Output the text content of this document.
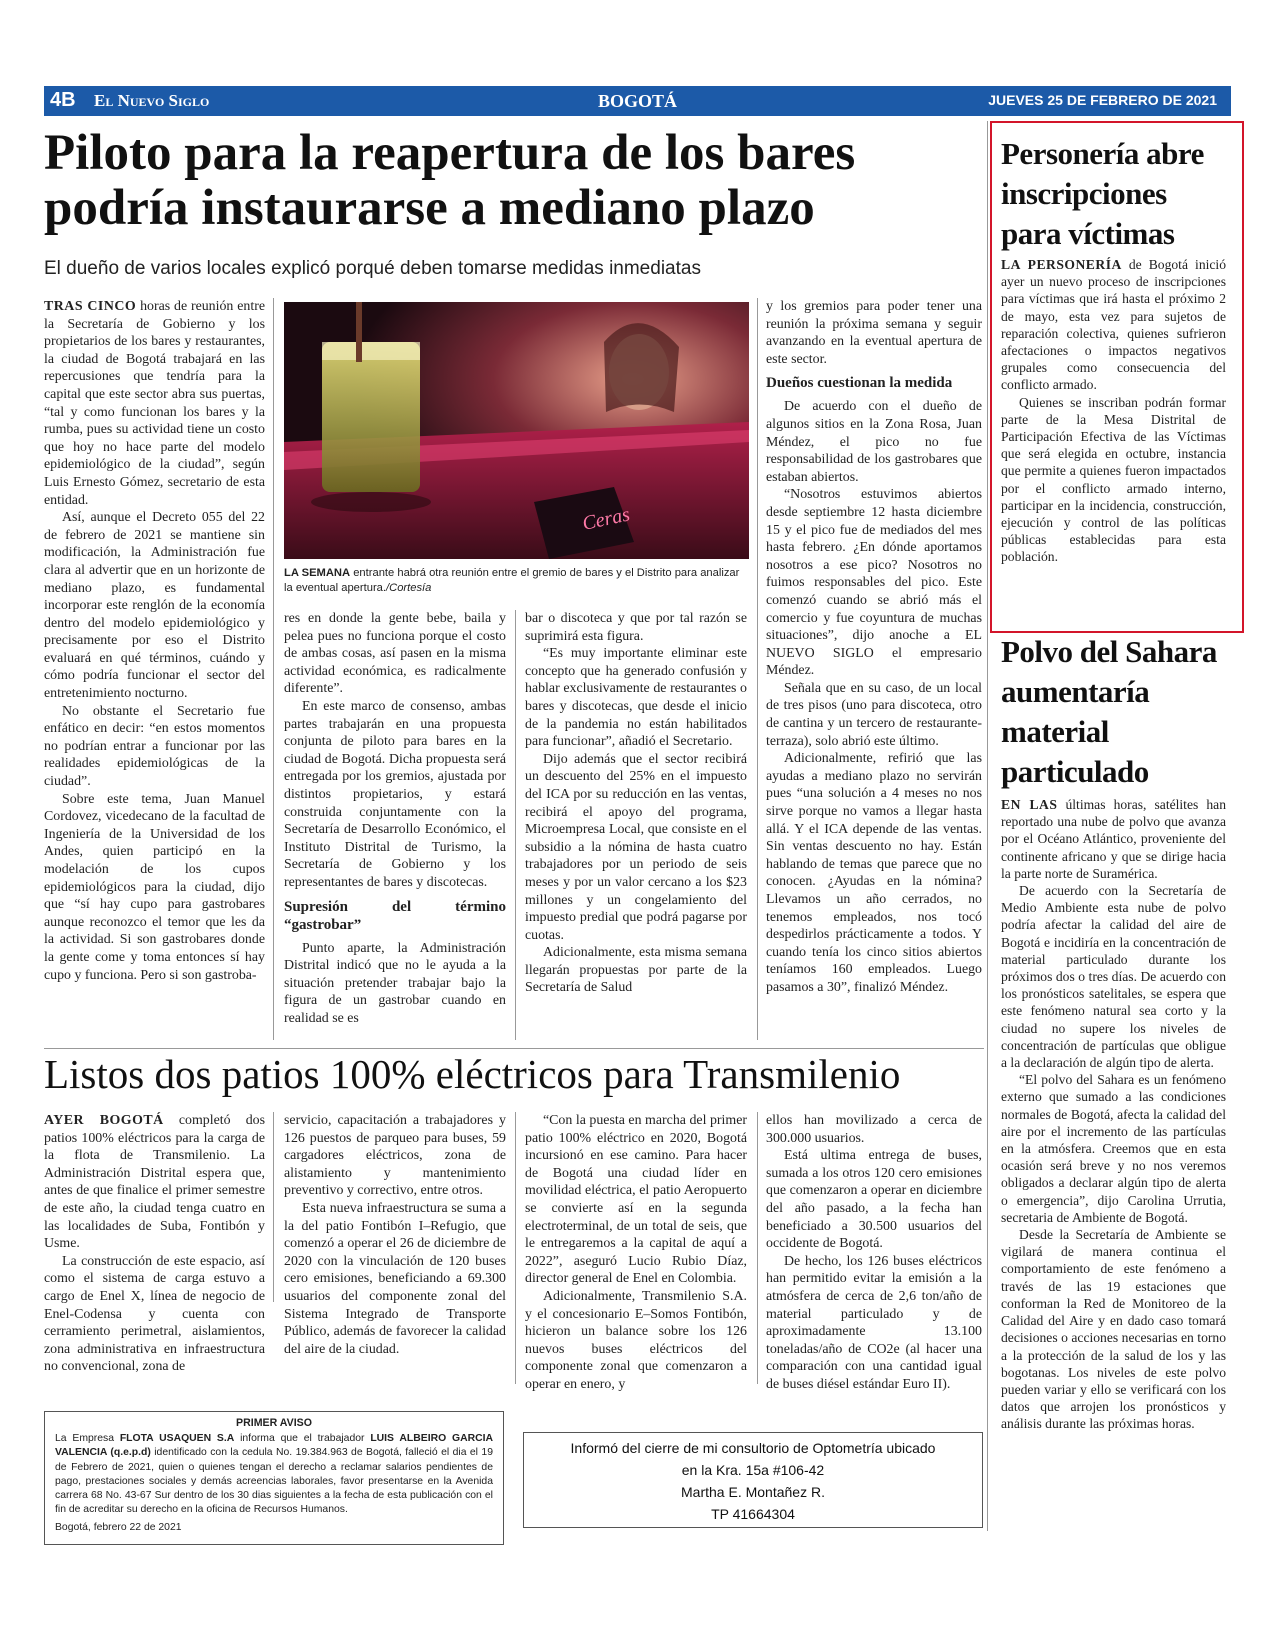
4B El Nuevo Siglo	BOGOTÁ	JUEVES 25 DE FEBRERO DE 2021
Piloto para la reapertura de los bares
podría instaurarse a mediano plazo
El dueño de varios locales explicó porqué deben tomarse medidas inmediatas

TRAS CINCO horas de reunión entre la Secretaría de Gobierno y los propietarios de los bares y restaurantes, la ciudad de Bogotá trabajará en las repercusiones que tendría para la capital que este sector abra sus puertas, “tal y como funcionan los bares y la rumba, pues su actividad tiene un costo que hoy no hace parte del modelo epidemiológico de la ciudad”, según Luis Ernesto Gómez, secretario de esta entidad.

Así, aunque el Decreto 055 del 22 de febrero de 2021 se mantiene sin modificación, la Administración fue clara al advertir que en un horizonte de mediano plazo, es fundamental incorporar este renglón de la economía dentro del modelo epidemiológico y precisamente por eso el Distrito evaluará en qué términos, cuándo y cómo podría funcionar el sector del entretenimiento nocturno.

No obstante el Secretario fue enfático en decir: “en estos momentos no podrían entrar a funcionar por las realidades epidemiológicas de la ciudad”.

Sobre este tema, Juan Manuel Cordovez, vicedecano de la facultad de Ingeniería de la Universidad de los Andes, quien participó en la modelación de los cupos epidemiológicos para la ciudad, dijo que “sí hay cupo para gastrobares aunque reconozco el temor que les da la actividad. Si son gastrobares donde la gente come y toma entonces sí hay cupo y funciona. Pero si son gastroba-

Ceras
LA SEMANA entrante habrá otra reunión entre el gremio de bares y el Distrito para analizar la eventual apertura./Cortesía

res en donde la gente bebe, baila y pelea pues no funciona porque el costo de ambas cosas, así pasen en la misma actividad económica, es radicalmente diferente”.

En este marco de consenso, ambas partes trabajarán en una propuesta conjunta de piloto para bares en la ciudad de Bogotá. Dicha propuesta será entregada por los gremios, ajustada por distintos propietarios, y estará construida conjuntamente con la Secretaría de Desarrollo Económico, el Instituto Distrital de Turismo, la Secretaría de Gobierno y los representantes de bares y discotecas.

Supresión del término “gastrobar”

Punto aparte, la Administración Distrital indicó que no le ayuda a la situación pretender trabajar bajo la figura de un gastrobar cuando en realidad se es

bar o discoteca y que por tal razón se suprimirá esta figura.

“Es muy importante eliminar este concepto que ha generado confusión y hablar exclusivamente de restaurantes o bares y discotecas, que desde el inicio de la pandemia no están habilitados para funcionar”, añadió el Secretario.

Dijo además que el sector recibirá un descuento del 25% en el impuesto del ICA por su reducción en las ventas, recibirá el apoyo del programa, Microempresa Local, que consiste en el subsidio a la nómina de hasta cuatro trabajadores por un periodo de seis meses y por un valor cercano a los $23 millones y un congelamiento del impuesto predial que podrá pagarse por cuotas.

Adicionalmente, esta misma semana llegarán propuestas por parte de la Secretaría de Salud

y los gremios para poder tener una reunión la próxima semana y seguir avanzando en la eventual apertura de este sector.

Dueños cuestionan la medida

De acuerdo con el dueño de algunos sitios en la Zona Rosa, Juan Méndez, el pico no fue responsabilidad de los gastrobares que estaban abiertos.

“Nosotros estuvimos abiertos desde septiembre 12 hasta diciembre 15 y el pico fue de mediados del mes hasta febrero. ¿En dónde aportamos nosotros a ese pico? Nosotros no fuimos responsables del pico. Este comenzó cuando se abrió más el comercio y fue coyuntura de muchas situaciones”, dijo anoche a EL NUEVO SIGLO el empresario Méndez.

Señala que en su caso, de un local de tres pisos (uno para discoteca, otro de cantina y un tercero de restaurante-terraza), solo abrió este último.

Adicionalmente, refirió que las ayudas a mediano plazo no servirán pues “una solución a 4 meses no nos sirve porque no vamos a llegar hasta allá. Y el ICA depende de las ventas. Sin ventas descuento no hay. Están hablando de temas que parece que no conocen. ¿Ayudas en la nómina? Llevamos un año cerrados, no tenemos empleados, nos tocó despedirlos prácticamente a todos. Y cuando tenía los cinco sitios abiertos teníamos 160 empleados. Luego pasamos a 30”, finalizó Méndez.

Listos dos patios 100% eléctricos para Transmilenio

AYER BOGOTÁ completó dos patios 100% eléctricos para la carga de la flota de Transmilenio. La Administración Distrital espera que, antes de que finalice el primer semestre de este año, la ciudad tenga cuatro en las localidades de Suba, Fontibón y Usme.

La construcción de este espacio, así como el sistema de carga estuvo a cargo de Enel X, línea de negocio de Enel-Codensa y cuenta con cerramiento perimetral, aislamientos, zona administrativa en infraestructura no convencional, zona de

servicio, capacitación a trabajadores y 126 puestos de parqueo para buses, 59 cargadores eléctricos, zona de alistamiento y mantenimiento preventivo y correctivo, entre otros.

Esta nueva infraestructura se suma a la del patio Fontibón I–Refugio, que comenzó a operar el 26 de diciembre de 2020 con la vinculación de 120 buses cero emisiones, beneficiando a 69.300 usuarios del componente zonal del Sistema Integrado de Transporte Público, además de favorecer la calidad del aire de la ciudad.

“Con la puesta en marcha del primer patio 100% eléctrico en 2020, Bogotá incursionó en ese camino. Para hacer de Bogotá una ciudad líder en movilidad eléctrica, el patio Aeropuerto se convierte así en la segunda electroterminal, de un total de seis, que le entregaremos a la capital de aquí a 2022”, aseguró Lucio Rubio Díaz, director general de Enel en Colombia.

Adicionalmente, Transmilenio S.A. y el concesionario E–Somos Fontibón, hicieron un balance sobre los 126 nuevos buses eléctricos del componente zonal que comenzaron a operar en enero, y

ellos han movilizado a cerca de 300.000 usuarios.

Está ultima entrega de buses, sumada a los otros 120 cero emisiones que comenzaron a operar en diciembre del año pasado, a la fecha han beneficiado a 30.500 usuarios del occidente de Bogotá.

De hecho, los 126 buses eléctricos han permitido evitar la emisión a la atmósfera de cerca de 2,6 ton/año de material particulado y de aproximadamente 13.100 toneladas/año de CO2e (al hacer una comparación con una cantidad igual de buses diésel estándar Euro II).

PRIMER AVISO
La Empresa FLOTA USAQUEN S.A informa que el trabajador LUIS ALBEIRO GARCIA VALENCIA (q.e.p.d) identificado con la cedula No. 19.384.963 de Bogotá, falleció el dia el 19 de Febrero de 2021, quien o quienes tengan el derecho a reclamar salarios pendientes de pago, prestaciones sociales y demás acreencias laborales, favor presentarse en la Avenida carrera 68 No. 43-67 Sur dentro de los 30 dias siguientes a la fecha de esta publicación con el fin de acreditar su derecho en la oficina de Recursos Humanos.
Bogotá, febrero 22 de 2021
Informó del cierre de mi consultorio de Optometría ubicado
en la Kra. 15a #106-42
Martha E. Montañez R.
TP 41664304
Personería abre
inscripciones
para víctimas

LA PERSONERÍA de Bogotá inició ayer un nuevo proceso de inscripciones para víctimas que irá hasta el próximo 2 de mayo, esta vez para sujetos de reparación colectiva, quienes sufrieron afectaciones o impactos negativos grupales como consecuencia del conflicto armado.

Quienes se inscriban podrán formar parte de la Mesa Distrital de Participación Efectiva de las Víctimas que será elegida en octubre, instancia que permite a quienes fueron impactados por el conflicto armado interno, participar en la incidencia, construcción, ejecución y control de las políticas públicas establecidas para esta población.

Polvo del Sahara
aumentaría
material
particulado

EN LAS últimas horas, satélites han reportado una nube de polvo que avanza por el Océano Atlántico, proveniente del continente africano y que se dirige hacia la parte norte de Suramérica.

De acuerdo con la Secretaría de Medio Ambiente esta nube de polvo podría afectar la calidad del aire de Bogotá e incidiría en la concentración de material particulado durante los próximos dos o tres días. De acuerdo con los pronósticos satelitales, se espera que este fenómeno natural sea corto y la ciudad no supere los niveles de concentración de partículas que obligue a la declaración de algún tipo de alerta.

“El polvo del Sahara es un fenómeno externo que sumado a las condiciones normales de Bogotá, afecta la calidad del aire por el incremento de las partículas en la atmósfera. Creemos que en esta ocasión será breve y no nos veremos obligados a declarar algún tipo de alerta o emergencia”, dijo Carolina Urrutia, secretaria de Ambiente de Bogotá.

Desde la Secretaría de Ambiente se vigilará de manera continua el comportamiento de este fenómeno a través de las 19 estaciones que conforman la Red de Monitoreo de la Calidad del Aire y en dado caso tomará decisiones o acciones necesarias en torno a la protección de la salud de los y las bogotanas. Los niveles de este polvo pueden variar y ello se verificará con los datos que arrojen los pronósticos y análisis durante las próximas horas.
